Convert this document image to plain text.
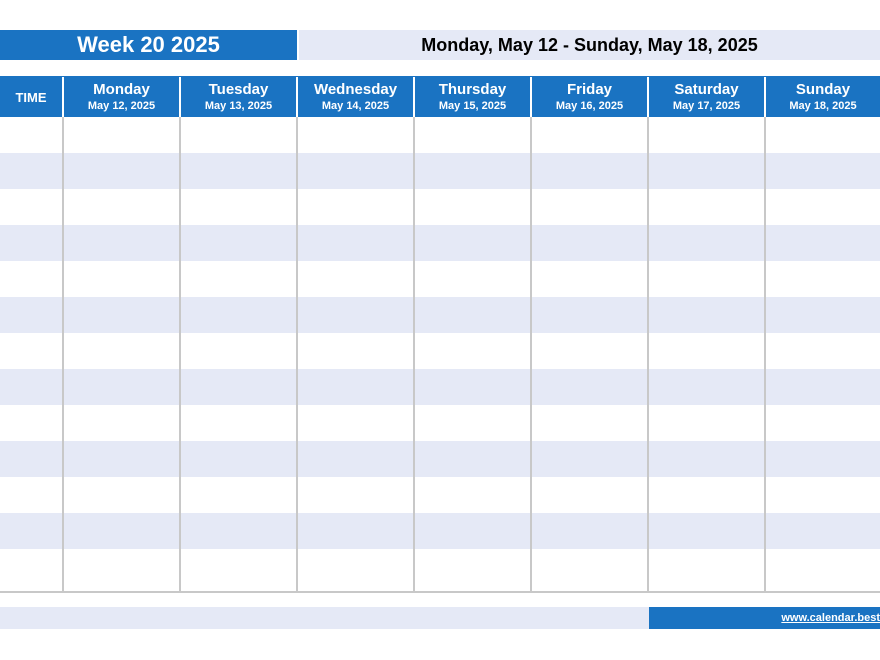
Week 20 2025	Monday, May 12 - Sunday, May 18, 2025
TIME	Monday
May 12, 2025
Tuesday
May 13, 2025
Wednesday
May 14, 2025
Thursday
May 15, 2025
Friday
May 16, 2025
Saturday
May 17, 2025
Sunday
May 18, 2025
www.calendar.best
